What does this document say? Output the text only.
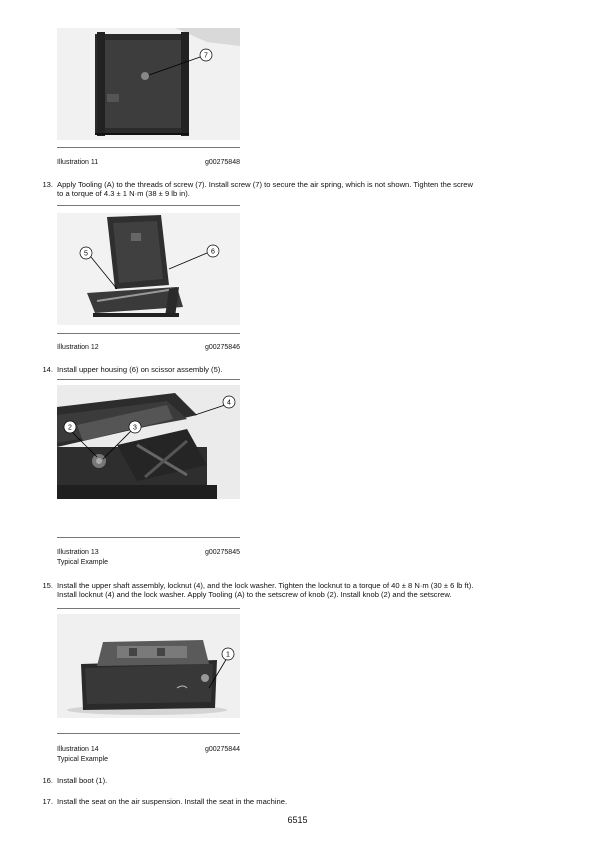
7
Illustration 11	g00275848
13. Apply Tooling (A) to the threads of screw (7). Install screw (7) to secure the air spring, which is not shown. Tighten the screw
to a torque of 4.3 ± 1 N·m (38 ± 9 lb in).
5	6
Illustration 12	g00275846
14. Install upper housing (6) on scissor assembly (5).
2	3
4
Illustration 13	g00275845
Typical Example
15. Install the upper shaft assembly, locknut (4), and the lock washer. Tighten the locknut to a torque of 40 ± 8 N·m (30 ± 6 lb ft).
Install locknut (4) and the lock washer. Apply Tooling (A) to the setscrew of knob (2). Install knob (2) and the setscrew.
1
Illustration 14	g00275844
Typical Example
16. Install boot (1).
17. Install the seat on the air suspension. Install the seat in the machine.
6515
